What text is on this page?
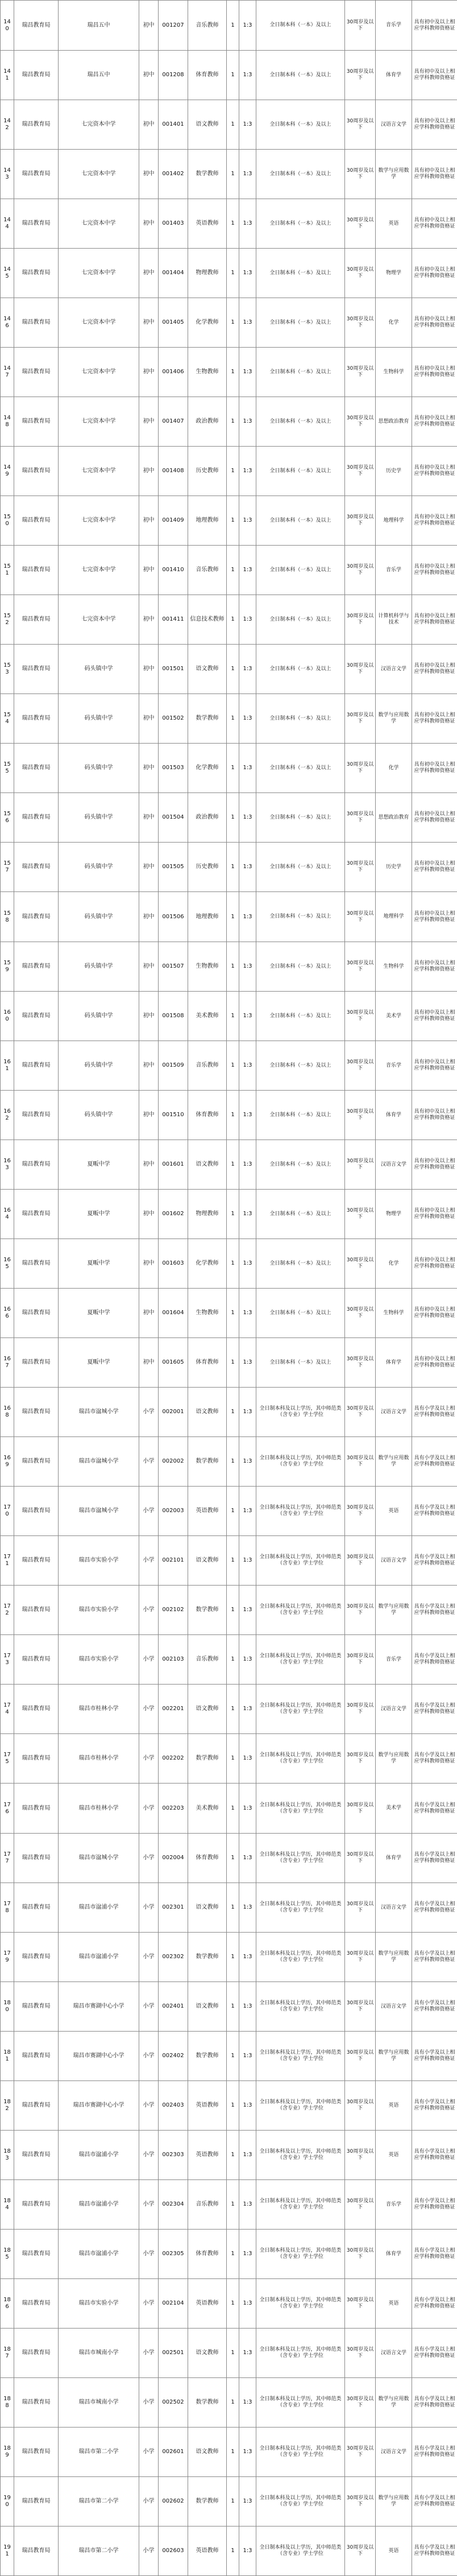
140	瑞昌教育局	瑞昌五中	初中	001207	音乐教师	1	1:3	全日制本科（一本）及以上	30周岁及以下	音乐学	具有初中及以上相应学科教师资格证
141	瑞昌教育局	瑞昌五中	初中	001208	体育教师	1	1:3	全日制本科（一本）及以上	30周岁及以下	体育学	具有初中及以上相应学科教师资格证
142	瑞昌教育局	七完资本中学	初中	001401	语文教师	1	1:3	全日制本科（一本）及以上	30周岁及以下	汉语言文学	具有初中及以上相应学科教师资格证
143	瑞昌教育局	七完资本中学	初中	001402	数学教师	1	1:3	全日制本科（一本）及以上	30周岁及以下	数学与应用数学	具有初中及以上相应学科教师资格证
144	瑞昌教育局	七完资本中学	初中	001403	英语教师	1	1:3	全日制本科（一本）及以上	30周岁及以下	英语	具有初中及以上相应学科教师资格证
145	瑞昌教育局	七完资本中学	初中	001404	物理教师	1	1:3	全日制本科（一本）及以上	30周岁及以下	物理学	具有初中及以上相应学科教师资格证
146	瑞昌教育局	七完资本中学	初中	001405	化学教师	1	1:3	全日制本科（一本）及以上	30周岁及以下	化学	具有初中及以上相应学科教师资格证
147	瑞昌教育局	七完资本中学	初中	001406	生物教师	1	1:3	全日制本科（一本）及以上	30周岁及以下	生物科学	具有初中及以上相应学科教师资格证
148	瑞昌教育局	七完资本中学	初中	001407	政治教师	1	1:3	全日制本科（一本）及以上	30周岁及以下	思想政治教育	具有初中及以上相应学科教师资格证
149	瑞昌教育局	七完资本中学	初中	001408	历史教师	1	1:3	全日制本科（一本）及以上	30周岁及以下	历史学	具有初中及以上相应学科教师资格证
150	瑞昌教育局	七完资本中学	初中	001409	地理教师	1	1:3	全日制本科（一本）及以上	30周岁及以下	地理科学	具有初中及以上相应学科教师资格证
151	瑞昌教育局	七完资本中学	初中	001410	音乐教师	1	1:3	全日制本科（一本）及以上	30周岁及以下	音乐学	具有初中及以上相应学科教师资格证
152	瑞昌教育局	七完资本中学	初中	001411	信息技术教师	1	1:3	全日制本科（一本）及以上	30周岁及以下	计算机科学与技术	具有初中及以上相应学科教师资格证
153	瑞昌教育局	码头镇中学	初中	001501	语文教师	1	1:3	全日制本科（一本）及以上	30周岁及以下	汉语言文学	具有初中及以上相应学科教师资格证
154	瑞昌教育局	码头镇中学	初中	001502	数学教师	1	1:3	全日制本科（一本）及以上	30周岁及以下	数学与应用数学	具有初中及以上相应学科教师资格证
155	瑞昌教育局	码头镇中学	初中	001503	化学教师	1	1:3	全日制本科（一本）及以上	30周岁及以下	化学	具有初中及以上相应学科教师资格证
156	瑞昌教育局	码头镇中学	初中	001504	政治教师	1	1:3	全日制本科（一本）及以上	30周岁及以下	思想政治教育	具有初中及以上相应学科教师资格证
157	瑞昌教育局	码头镇中学	初中	001505	历史教师	1	1:3	全日制本科（一本）及以上	30周岁及以下	历史学	具有初中及以上相应学科教师资格证
158	瑞昌教育局	码头镇中学	初中	001506	地理教师	1	1:3	全日制本科（一本）及以上	30周岁及以下	地理科学	具有初中及以上相应学科教师资格证
159	瑞昌教育局	码头镇中学	初中	001507	生物教师	1	1:3	全日制本科（一本）及以上	30周岁及以下	生物科学	具有初中及以上相应学科教师资格证
160	瑞昌教育局	码头镇中学	初中	001508	美术教师	1	1:3	全日制本科（一本）及以上	30周岁及以下	美术学	具有初中及以上相应学科教师资格证
161	瑞昌教育局	码头镇中学	初中	001509	音乐教师	1	1:3	全日制本科（一本）及以上	30周岁及以下	音乐学	具有初中及以上相应学科教师资格证
162	瑞昌教育局	码头镇中学	初中	001510	体育教师	1	1:3	全日制本科（一本）及以上	30周岁及以下	体育学	具有初中及以上相应学科教师资格证
163	瑞昌教育局	夏畈中学	初中	001601	语文教师	1	1:3	全日制本科（一本）及以上	30周岁及以下	汉语言文学	具有初中及以上相应学科教师资格证
164	瑞昌教育局	夏畈中学	初中	001602	物理教师	1	1:3	全日制本科（一本）及以上	30周岁及以下	物理学	具有初中及以上相应学科教师资格证
165	瑞昌教育局	夏畈中学	初中	001603	化学教师	1	1:3	全日制本科（一本）及以上	30周岁及以下	化学	具有初中及以上相应学科教师资格证
166	瑞昌教育局	夏畈中学	初中	001604	生物教师	1	1:3	全日制本科（一本）及以上	30周岁及以下	生物科学	具有初中及以上相应学科教师资格证
167	瑞昌教育局	夏畈中学	初中	001605	体育教师	1	1:3	全日制本科（一本）及以上	30周岁及以下	体育学	具有初中及以上相应学科教师资格证
168	瑞昌教育局	瑞昌市湓城小学	小学	002001	语文教师	1	1:3	全日制本科及以上学历，其中师范类（含专业）学士学位	30周岁及以下	汉语言文学	具有小学及以上相应学科教师资格证
169	瑞昌教育局	瑞昌市湓城小学	小学	002002	数学教师	1	1:3	全日制本科及以上学历，其中师范类（含专业）学士学位	30周岁及以下	数学与应用数学	具有小学及以上相应学科教师资格证
170	瑞昌教育局	瑞昌市湓城小学	小学	002003	英语教师	1	1:3	全日制本科及以上学历，其中师范类（含专业）学士学位	30周岁及以下	英语	具有小学及以上相应学科教师资格证
171	瑞昌教育局	瑞昌市实验小学	小学	002101	语文教师	1	1:3	全日制本科及以上学历，其中师范类（含专业）学士学位	30周岁及以下	汉语言文学	具有小学及以上相应学科教师资格证
172	瑞昌教育局	瑞昌市实验小学	小学	002102	数学教师	1	1:3	全日制本科及以上学历，其中师范类（含专业）学士学位	30周岁及以下	数学与应用数学	具有小学及以上相应学科教师资格证
173	瑞昌教育局	瑞昌市实验小学	小学	002103	音乐教师	1	1:3	全日制本科及以上学历，其中师范类（含专业）学士学位	30周岁及以下	音乐学	具有小学及以上相应学科教师资格证
174	瑞昌教育局	瑞昌市桂林小学	小学	002201	语文教师	1	1:3	全日制本科及以上学历，其中师范类（含专业）学士学位	30周岁及以下	汉语言文学	具有小学及以上相应学科教师资格证
175	瑞昌教育局	瑞昌市桂林小学	小学	002202	数学教师	1	1:3	全日制本科及以上学历，其中师范类（含专业）学士学位	30周岁及以下	数学与应用数学	具有小学及以上相应学科教师资格证
176	瑞昌教育局	瑞昌市桂林小学	小学	002203	美术教师	1	1:3	全日制本科及以上学历，其中师范类（含专业）学士学位	30周岁及以下	美术学	具有小学及以上相应学科教师资格证
177	瑞昌教育局	瑞昌市湓城小学	小学	002004	体育教师	1	1:3	全日制本科及以上学历，其中师范类（含专业）学士学位	30周岁及以下	体育学	具有小学及以上相应学科教师资格证
178	瑞昌教育局	瑞昌市湓浦小学	小学	002301	语文教师	1	1:3	全日制本科及以上学历，其中师范类（含专业）学士学位	30周岁及以下	汉语言文学	具有小学及以上相应学科教师资格证
179	瑞昌教育局	瑞昌市湓浦小学	小学	002302	数学教师	1	1:3	全日制本科及以上学历，其中师范类（含专业）学士学位	30周岁及以下	数学与应用数学	具有小学及以上相应学科教师资格证
180	瑞昌教育局	瑞昌市赛湖中心小学	小学	002401	语文教师	1	1:3	全日制本科及以上学历，其中师范类（含专业）学士学位	30周岁及以下	汉语言文学	具有小学及以上相应学科教师资格证
181	瑞昌教育局	瑞昌市赛湖中心小学	小学	002402	数学教师	1	1:3	全日制本科及以上学历，其中师范类（含专业）学士学位	30周岁及以下	数学与应用数学	具有小学及以上相应学科教师资格证
182	瑞昌教育局	瑞昌市赛湖中心小学	小学	002403	英语教师	1	1:3	全日制本科及以上学历，其中师范类（含专业）学士学位	30周岁及以下	英语	具有小学及以上相应学科教师资格证
183	瑞昌教育局	瑞昌市湓浦小学	小学	002303	英语教师	1	1:3	全日制本科及以上学历，其中师范类（含专业）学士学位	30周岁及以下	英语	具有小学及以上相应学科教师资格证
184	瑞昌教育局	瑞昌市湓浦小学	小学	002304	音乐教师	1	1:3	全日制本科及以上学历，其中师范类（含专业）学士学位	30周岁及以下	音乐学	具有小学及以上相应学科教师资格证
185	瑞昌教育局	瑞昌市湓浦小学	小学	002305	体育教师	1	1:3	全日制本科及以上学历，其中师范类（含专业）学士学位	30周岁及以下	体育学	具有小学及以上相应学科教师资格证
186	瑞昌教育局	瑞昌市实验小学	小学	002104	英语教师	1	1:3	全日制本科及以上学历，其中师范类（含专业）学士学位	30周岁及以下	英语	具有小学及以上相应学科教师资格证
187	瑞昌教育局	瑞昌市城南小学	小学	002501	语文教师	1	1:3	全日制本科及以上学历，其中师范类（含专业）学士学位	30周岁及以下	汉语言文学	具有小学及以上相应学科教师资格证
188	瑞昌教育局	瑞昌市城南小学	小学	002502	数学教师	1	1:3	全日制本科及以上学历，其中师范类（含专业）学士学位	30周岁及以下	数学与应用数学	具有小学及以上相应学科教师资格证
189	瑞昌教育局	瑞昌市第二小学	小学	002601	语文教师	1	1:3	全日制本科及以上学历，其中师范类（含专业）学士学位	30周岁及以下	汉语言文学	具有小学及以上相应学科教师资格证
190	瑞昌教育局	瑞昌市第二小学	小学	002602	数学教师	1	1:3	全日制本科及以上学历，其中师范类（含专业）学士学位	30周岁及以下	数学与应用数学	具有小学及以上相应学科教师资格证
191	瑞昌教育局	瑞昌市第二小学	小学	002603	英语教师	1	1:3	全日制本科及以上学历，其中师范类（含专业）学士学位	30周岁及以下	英语	具有小学及以上相应学科教师资格证
